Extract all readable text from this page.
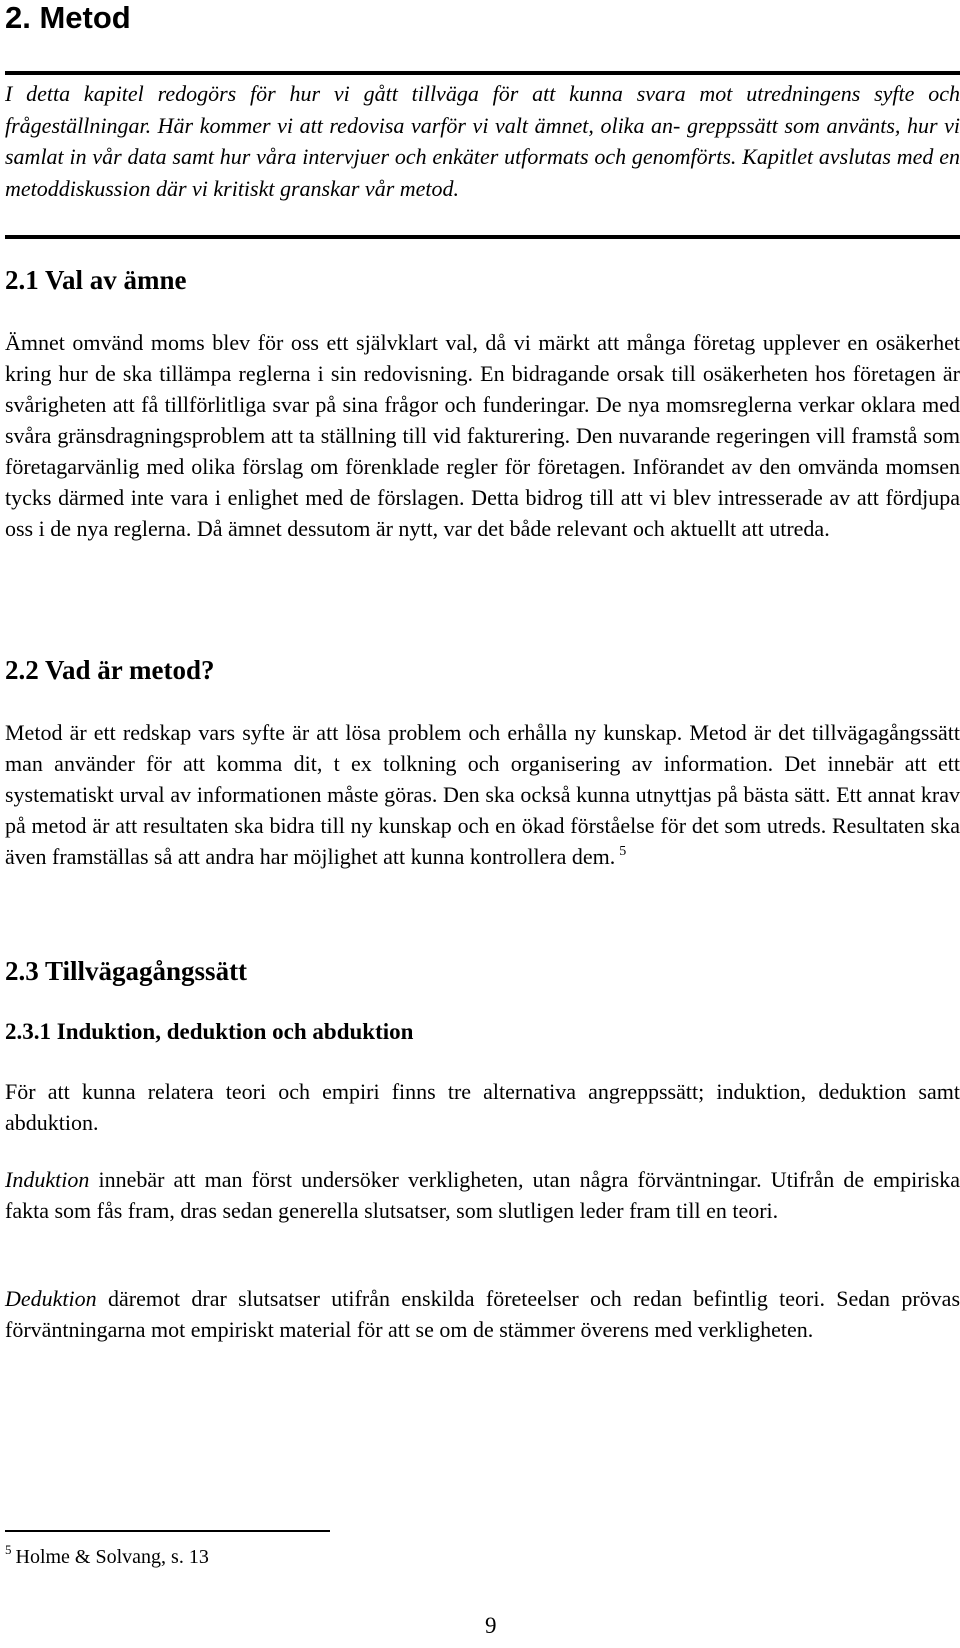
2. Metod

I detta kapitel redogörs för hur vi gått tillväga för att kunna svara mot utredningens syfte och frågeställningar. Här kommer vi att redovisa varför vi valt ämnet, olika an- greppssätt som använts, hur vi samlat in vår data samt hur våra intervjuer och enkäter utformats och genomförts. Kapitlet avslutas med en metoddiskussion där vi kritiskt granskar vår metod.

2.1 Val av ämne

Ämnet omvänd moms blev för oss ett självklart val, då vi märkt att många företag upplever en osäkerhet kring hur de ska tillämpa reglerna i sin redovisning. En bidragande orsak till osäkerheten hos företagen är svårigheten att få tillförlitliga svar på sina frågor och funderingar. De nya momsreglerna verkar oklara med svåra gränsdragningsproblem att ta ställning till vid fakturering. Den nuvarande regeringen vill framstå som företagarvänlig med olika förslag om förenklade regler för företagen. Införandet av den omvända momsen tycks därmed inte vara i enlighet med de förslagen. Detta bidrog till att vi blev intresserade av att fördjupa oss i de nya reglerna. Då ämnet dessutom är nytt, var det både relevant och aktuellt att utreda.

2.2 Vad är metod?

Metod är ett redskap vars syfte är att lösa problem och erhålla ny kunskap. Metod är det tillvägagångssätt man använder för att komma dit, t ex tolkning och organisering av information. Det innebär att ett systematiskt urval av informationen måste göras. Den ska också kunna utnyttjas på bästa sätt. Ett annat krav på metod är att resultaten ska bidra till ny kunskap och en ökad förståelse för det som utreds. Resultaten ska även framställas så att andra har möjlighet att kunna kontrollera dem. $^5$

2.3 Tillvägagångssätt
2.3.1 Induktion, deduktion och abduktion

För att kunna relatera teori och empiri finns tre alternativa angreppssätt; induktion, deduktion samt abduktion.

Induktion innebär att man först undersöker verkligheten, utan några förväntningar. Utifrån de empiriska fakta som fås fram, dras sedan generella slutsatser, som slutligen leder fram till en teori.

Deduktion däremot drar slutsatser utifrån enskilda företeelser och redan befintlig teori. Sedan prövas förväntningarna mot empiriskt material för att se om de stämmer överens med verkligheten.

$^5$ Holme & Solvang, s. 13

9
